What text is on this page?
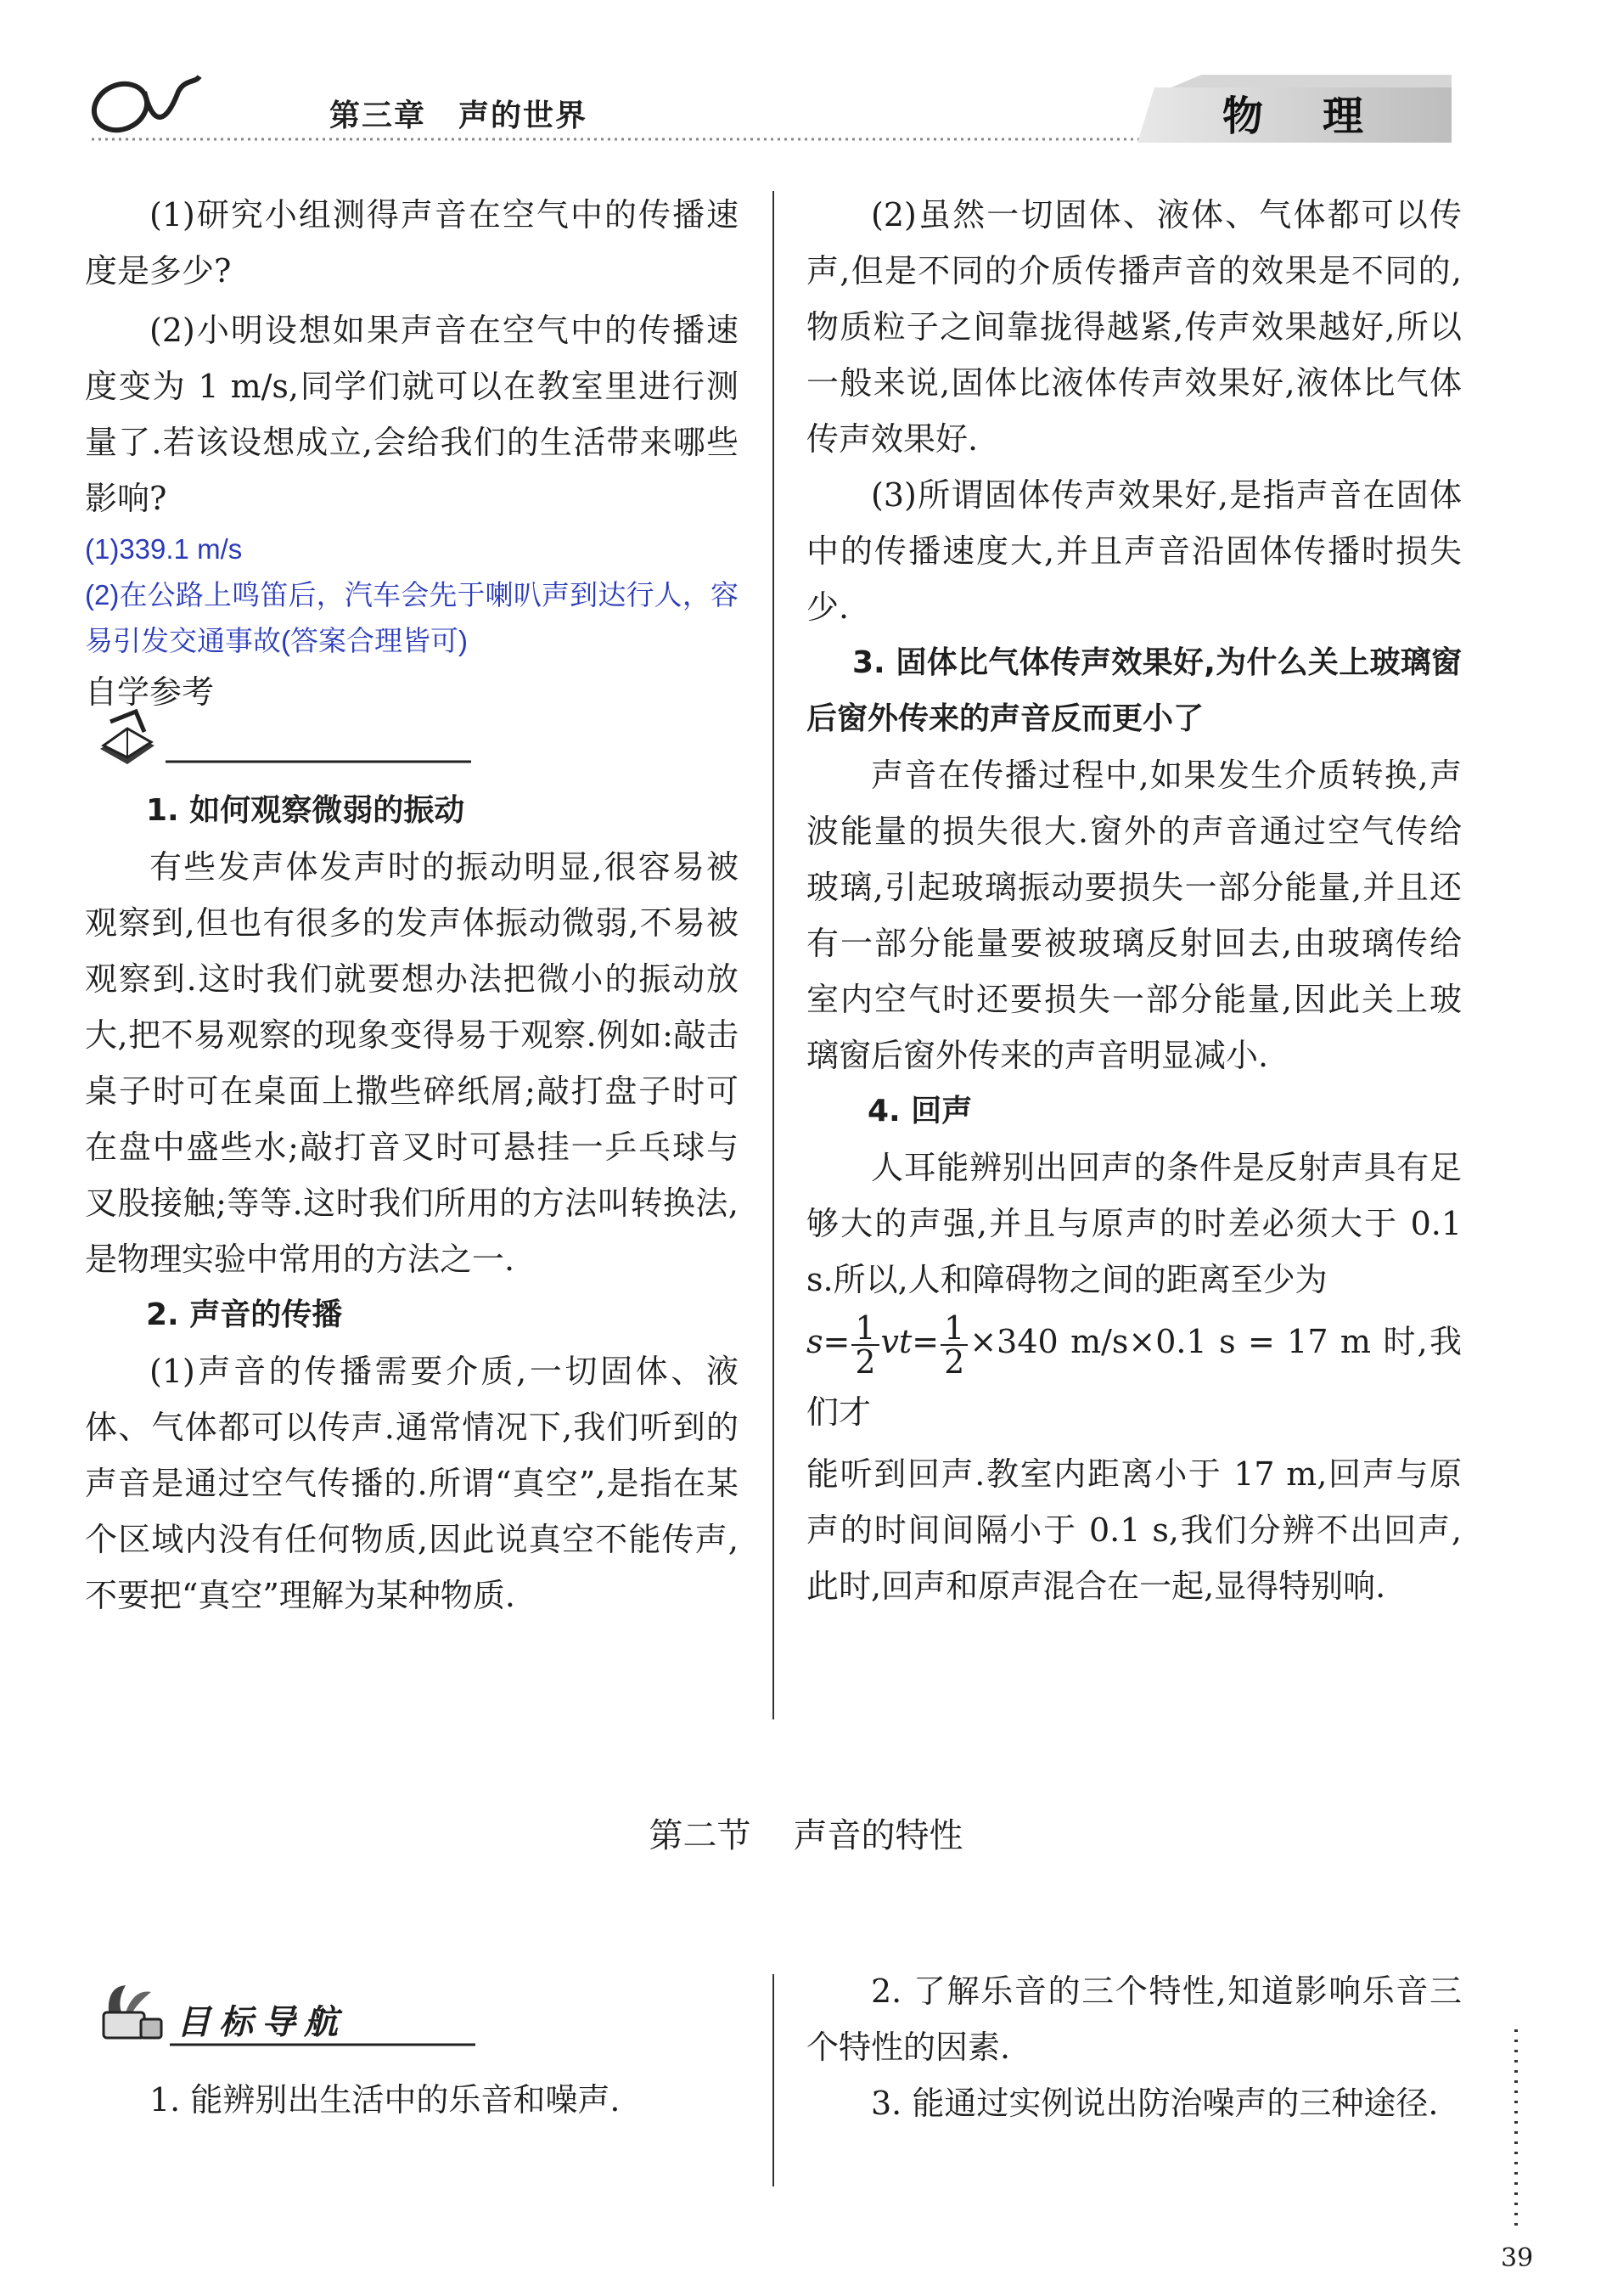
第三章 声的世界	物理

(1)研究小组测得声音在空气中的传播速度是多少?

(2)小明设想如果声音在空气中的传播速度变为 1 m/s,同学们就可以在教室里进行测量了.若该设想成立,会给我们的生活带来哪些影响?

(1)339.1 m/s

(2)在公路上鸣笛后，汽车会先于喇叭声到达行人，容易引发交通事故(答案合理皆可)

自学参考

1. 如何观察微弱的振动

有些发声体发声时的振动明显,很容易被观察到,但也有很多的发声体振动微弱,不易被观察到.这时我们就要想办法把微小的振动放大,把不易观察的现象变得易于观察.例如:敲击桌子时可在桌面上撒些碎纸屑;敲打盘子时可在盘中盛些水;敲打音叉时可悬挂一乒乓球与叉股接触;等等.这时我们所用的方法叫转换法,是物理实验中常用的方法之一.

2. 声音的传播

(1)声音的传播需要介质,一切固体、液体、气体都可以传声.通常情况下,我们听到的声音是通过空气传播的.所谓“真空”,是指在某个区域内没有任何物质,因此说真空不能传声,不要把“真空”理解为某种物质.

(2)虽然一切固体、液体、气体都可以传声,但是不同的介质传播声音的效果是不同的,物质粒子之间靠拢得越紧,传声效果越好,所以一般来说,固体比液体传声效果好,液体比气体传声效果好.

(3)所谓固体传声效果好,是指声音在固体中的传播速度大,并且声音沿固体传播时损失少.

3. 固体比气体传声效果好,为什么关上玻璃窗后窗外传来的声音反而更小了

声音在传播过程中,如果发生介质转换,声波能量的损失很大.窗外的声音通过空气传给玻璃,引起玻璃振动要损失一部分能量,并且还有一部分能量要被玻璃反射回去,由玻璃传给室内空气时还要损失一部分能量,因此关上玻璃窗后窗外传来的声音明显减小.

4. 回声

人耳能辨别出回声的条件是反射声具有足够大的声强,并且与原声的时差必须大于 0.1 s.所以,人和障碍物之间的距离至少为

$s= \frac{1}{2} vt= \frac{1}{2} \times 340$ m/s×0.1 s = 17 m 时,我们才

能听到回声.教室内距离小于 17 m,回声与原声的时间间隔小于 0.1 s,我们分辨不出回声,此时,回声和原声混合在一起,显得特别响.

第二节 声音的特性
目标导航

1. 能辨别出生活中的乐音和噪声.

2. 了解乐音的三个特性,知道影响乐音三个特性的因素.

3. 能通过实例说出防治噪声的三种途径.

39
